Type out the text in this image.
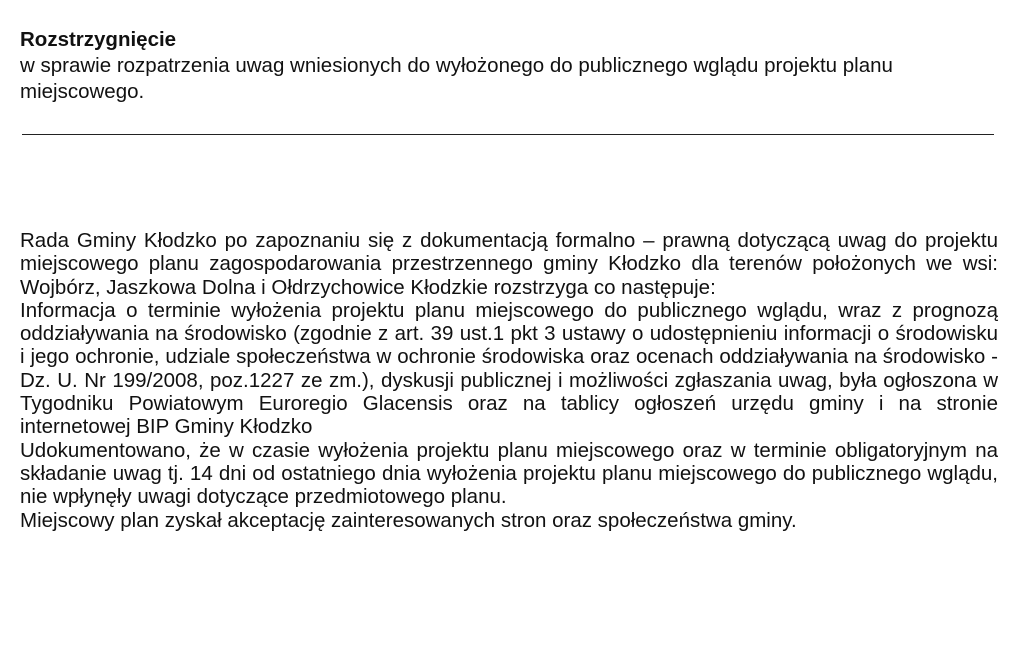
Rozstrzygnięcie
w sprawie rozpatrzenia uwag wniesionych do wyłożonego do publicznego wglądu projektu planu miejscowego.

Rada Gminy Kłodzko po zapoznaniu się z dokumentacją formalno – prawną dotyczącą uwag do projektu miejscowego planu zagospodarowania przestrzennego gminy Kłodzko dla terenów położonych we wsi: Wojbórz, Jaszkowa Dolna i Ołdrzychowice Kłodzkie rozstrzyga co następuje:

Informacja o terminie wyłożenia projektu planu miejscowego do publicznego wglądu, wraz z prognozą oddziaływania na środowisko (zgodnie z art. 39 ust.1 pkt 3 ustawy o udostępnieniu informacji o środowisku i jego ochronie, udziale społeczeństwa w ochronie środowiska oraz ocenach oddziaływania na środowisko - Dz. U. Nr 199/2008, poz.1227 ze zm.), dyskusji publicznej i możliwości zgłaszania uwag, była ogłoszona w Tygodniku Powiatowym Euroregio Glacensis oraz na tablicy ogłoszeń urzędu gminy i na stronie internetowej BIP Gminy Kłodzko

Udokumentowano, że w czasie wyłożenia projektu planu miejscowego oraz w terminie obligatoryjnym na składanie uwag tj. 14 dni od ostatniego dnia wyłożenia projektu planu miejscowego do publicznego wglądu, nie wpłynęły uwagi dotyczące przedmiotowego planu.

Miejscowy plan zyskał akceptację zainteresowanych stron oraz społeczeństwa gminy.
